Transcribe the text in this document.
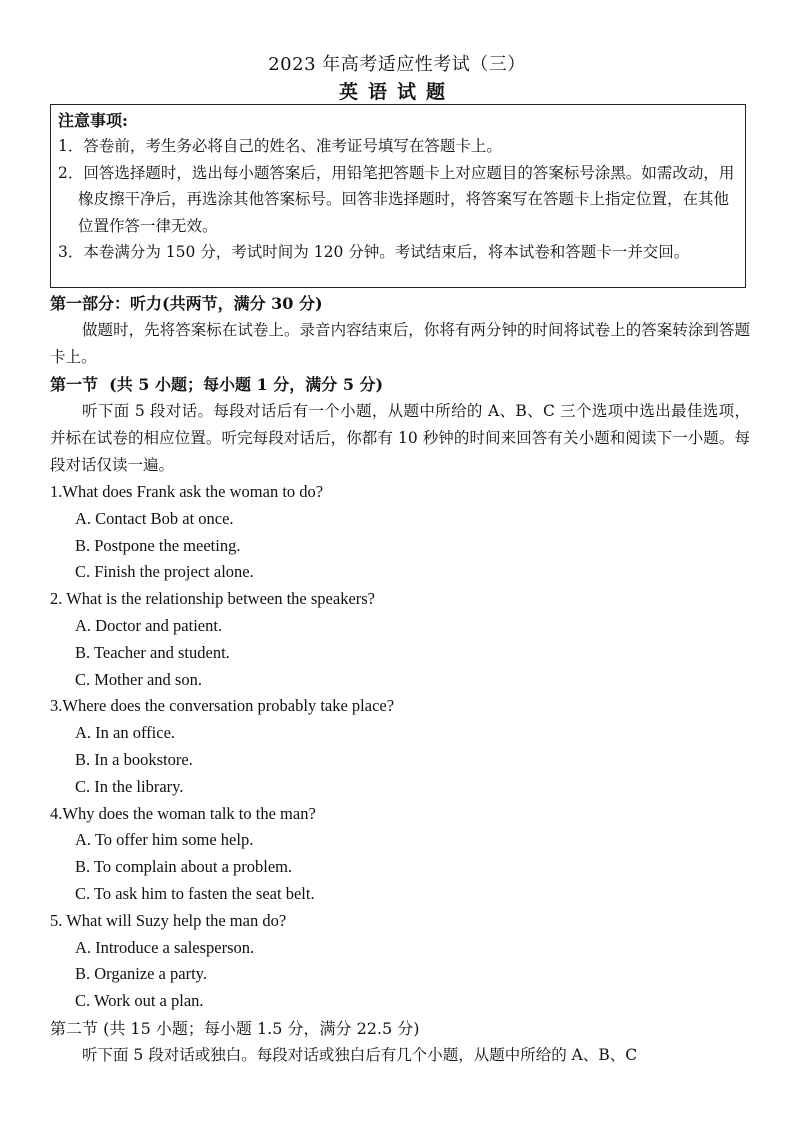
2023 年高考适应性考试（三）
英语试题
注意事项:
1．答卷前，考生务必将自己的姓名、准考证号填写在答题卡上。
2．回答选择题时，选出每小题答案后，用铅笔把答题卡上对应题目的答案标号涂黑。如需改动，用橡皮擦干净后，再选涂其他答案标号。回答非选择题时，将答案写在答题卡上指定位置，在其他位置作答一律无效。
3．本卷满分为 150 分，考试时间为 120 分钟。考试结束后，将本试卷和答题卡一并交回。
第一部分：听力(共两节，满分 30 分)
做题时，先将答案标在试卷上。录音内容结束后，你将有两分钟的时间将试卷上的答案转涂到答题卡上。
第一节 (共 5 小题；每小题 1 分，满分 5 分)
听下面 5 段对话。每段对话后有一个小题，从题中所给的 A、B、C 三个选项中选出最佳选项，并标在试卷的相应位置。听完每段对话后，你都有 10 秒钟的时间来回答有关小题和阅读下一小题。每段对话仅读一遍。
1.What does Frank ask the woman to do?
A. Contact Bob at once.
B. Postpone the meeting.
C. Finish the project alone.
2. What is the relationship between the speakers?
A. Doctor and patient.
B. Teacher and student.
C. Mother and son.
3.Where does the conversation probably take place?
A. In an office.
B. In a bookstore.
C. In the library.
4.Why does the woman talk to the man?
A. To offer him some help.
B. To complain about a problem.
C. To ask him to fasten the seat belt.
5. What will Suzy help the man do?
A. Introduce a salesperson.
B. Organize a party.
C. Work out a plan.
第二节 (共 15 小题；每小题 1.5 分，满分 22.5 分)
听下面 5 段对话或独白。每段对话或独白后有几个小题，从题中所给的 A、B、C
